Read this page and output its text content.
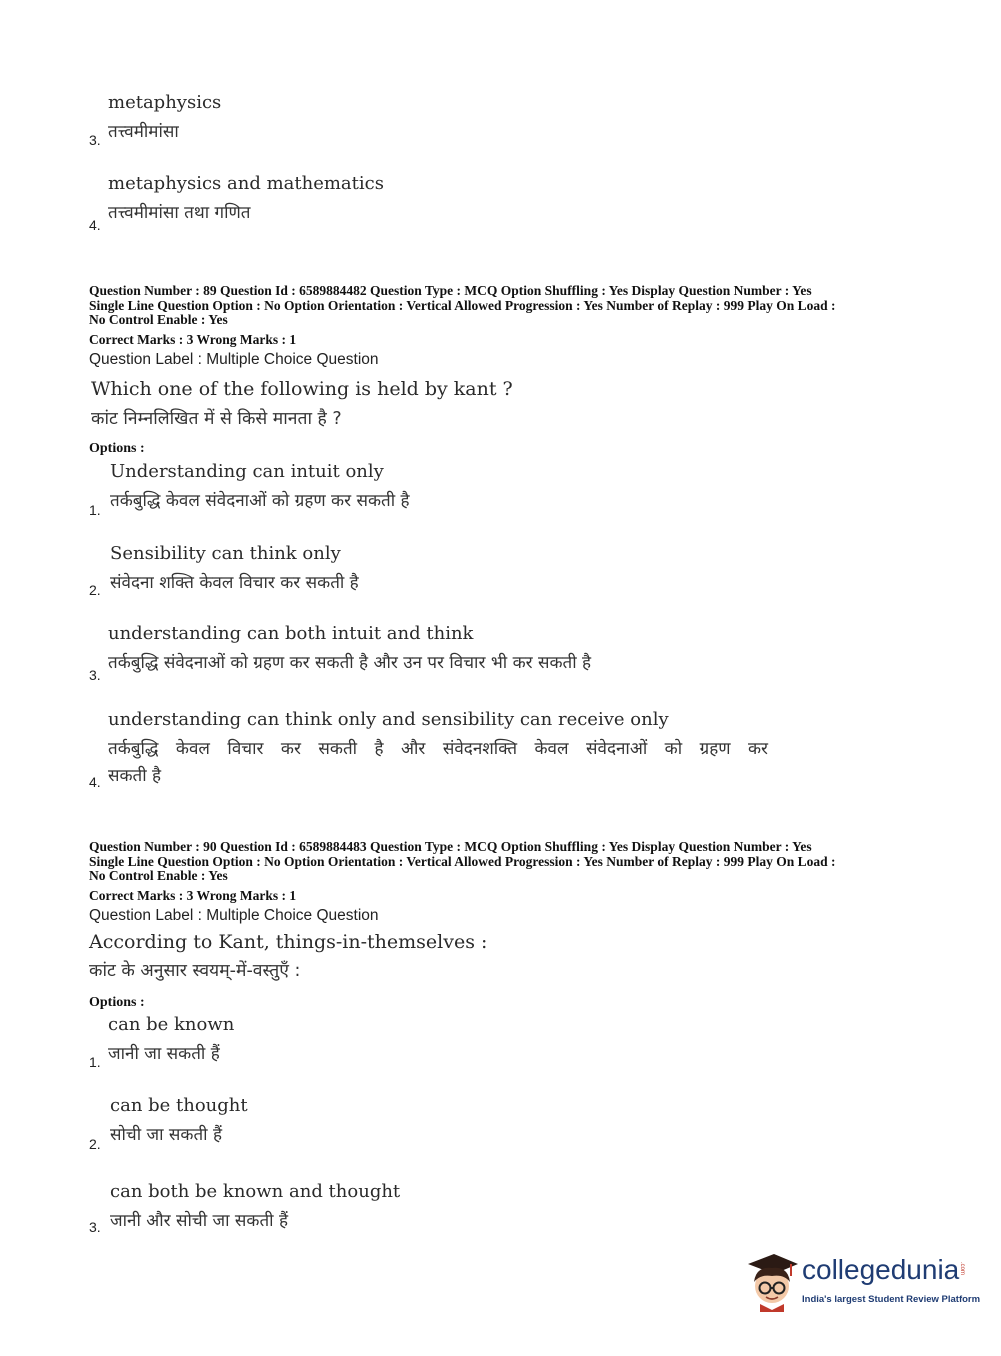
metaphysics
तत्त्वमीमांसा
3.
metaphysics and mathematics
तत्त्वमीमांसा तथा गणित
4.
Question Number : 89 Question Id : 6589884482 Question Type : MCQ Option Shuffling : Yes Display Question Number : Yes
Single Line Question Option : No Option Orientation : Vertical Allowed Progression : Yes Number of Replay : 999 Play On Load :
No Control Enable : Yes
Correct Marks : 3 Wrong Marks : 1
Question Label : Multiple Choice Question
Which one of the following is held by kant ?
कांट निम्नलिखित में से किसे मानता है ?
Options :
Understanding can intuit only
तर्कबुद्धि केवल संवेदनाओं को ग्रहण कर सकती है
1.
Sensibility can think only
संवेदना शक्ति केवल विचार कर सकती है
2.
understanding can both intuit and think
तर्कबुद्धि संवेदनाओं को ग्रहण कर सकती है और उन पर विचार भी कर सकती है
3.
understanding can think only and sensibility can receive only
तर्कबुद्धि केवल विचार कर सकती है और संवेदनशक्ति केवल संवेदनाओं को ग्रहण कर
सकती है
4.
Question Number : 90 Question Id : 6589884483 Question Type : MCQ Option Shuffling : Yes Display Question Number : Yes
Single Line Question Option : No Option Orientation : Vertical Allowed Progression : Yes Number of Replay : 999 Play On Load :
No Control Enable : Yes
Correct Marks : 3 Wrong Marks : 1
Question Label : Multiple Choice Question
According to Kant, things-in-themselves :
कांट के अनुसार स्वयम्-में-वस्तुएँ :
Options :
can be known
जानी जा सकती हैं
1.
can be thought
सोची जा सकती हैं
2.
can both be known and thought
जानी और सोची जा सकती हैं
3.
collegedunia .com
India's largest Student Review Platform
